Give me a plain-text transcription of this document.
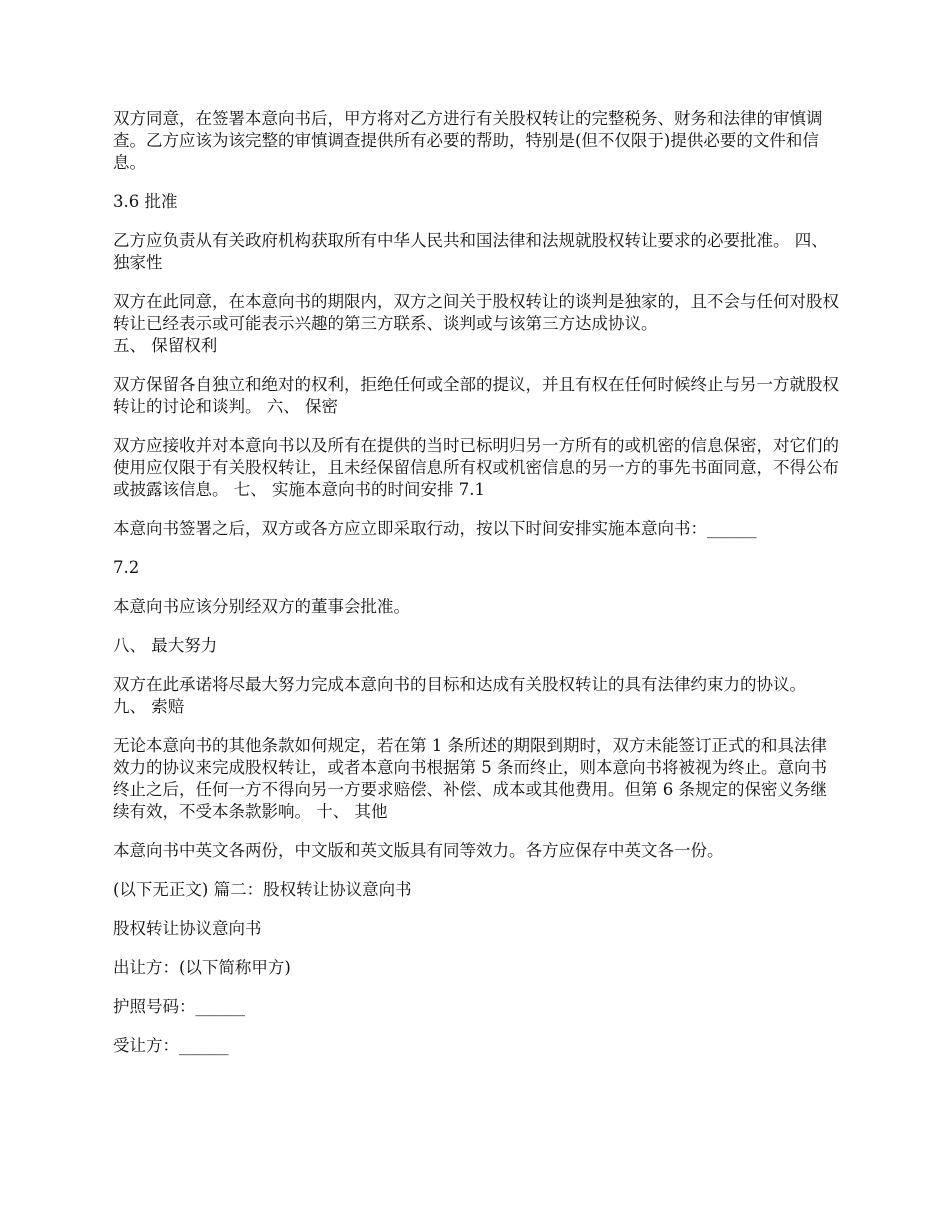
双方同意，在签署本意向书后，甲方将对乙方进行有关股权转让的完整税务、财务和法律的审慎调查。乙方应该为该完整的审慎调查提供所有必要的帮助，特别是(但不仅限于)提供必要的文件和信息。

3.6 批准

乙方应负责从有关政府机构获取所有中华人民共和国法律和法规就股权转让要求的必要批准。 四、 独家性

双方在此同意，在本意向书的期限内，双方之间关于股权转让的谈判是独家的，且不会与任何对股权转让已经表示或可能表示兴趣的第三方联系、谈判或与该第三方达成协议。

五、 保留权利

双方保留各自独立和绝对的权利，拒绝任何或全部的提议，并且有权在任何时候终止与另一方就股权转让的讨论和谈判。 六、 保密

双方应接收并对本意向书以及所有在提供的当时已标明归另一方所有的或机密的信息保密，对它们的使用应仅限于有关股权转让，且未经保留信息所有权或机密信息的另一方的事先书面同意，不得公布或披露该信息。 七、 实施本意向书的时间安排 7.1

本意向书签署之后，双方或各方应立即采取行动，按以下时间安排实施本意向书：______

7.2

本意向书应该分别经双方的董事会批准。

八、 最大努力

双方在此承诺将尽最大努力完成本意向书的目标和达成有关股权转让的具有法律约束力的协议。 九、 索赔

无论本意向书的其他条款如何规定，若在第 1 条所述的期限到期时，双方未能签订正式的和具法律效力的协议来完成股权转让，或者本意向书根据第 5 条而终止，则本意向书将被视为终止。意向书终止之后，任何一方不得向另一方要求赔偿、补偿、成本或其他费用。但第 6 条规定的保密义务继续有效，不受本条款影响。 十、 其他

本意向书中英文各两份，中文版和英文版具有同等效力。各方应保存中英文各一份。

(以下无正文) 篇二：股权转让协议意向书

股权转让协议意向书

出让方：(以下简称甲方)

护照号码：______

受让方：______
